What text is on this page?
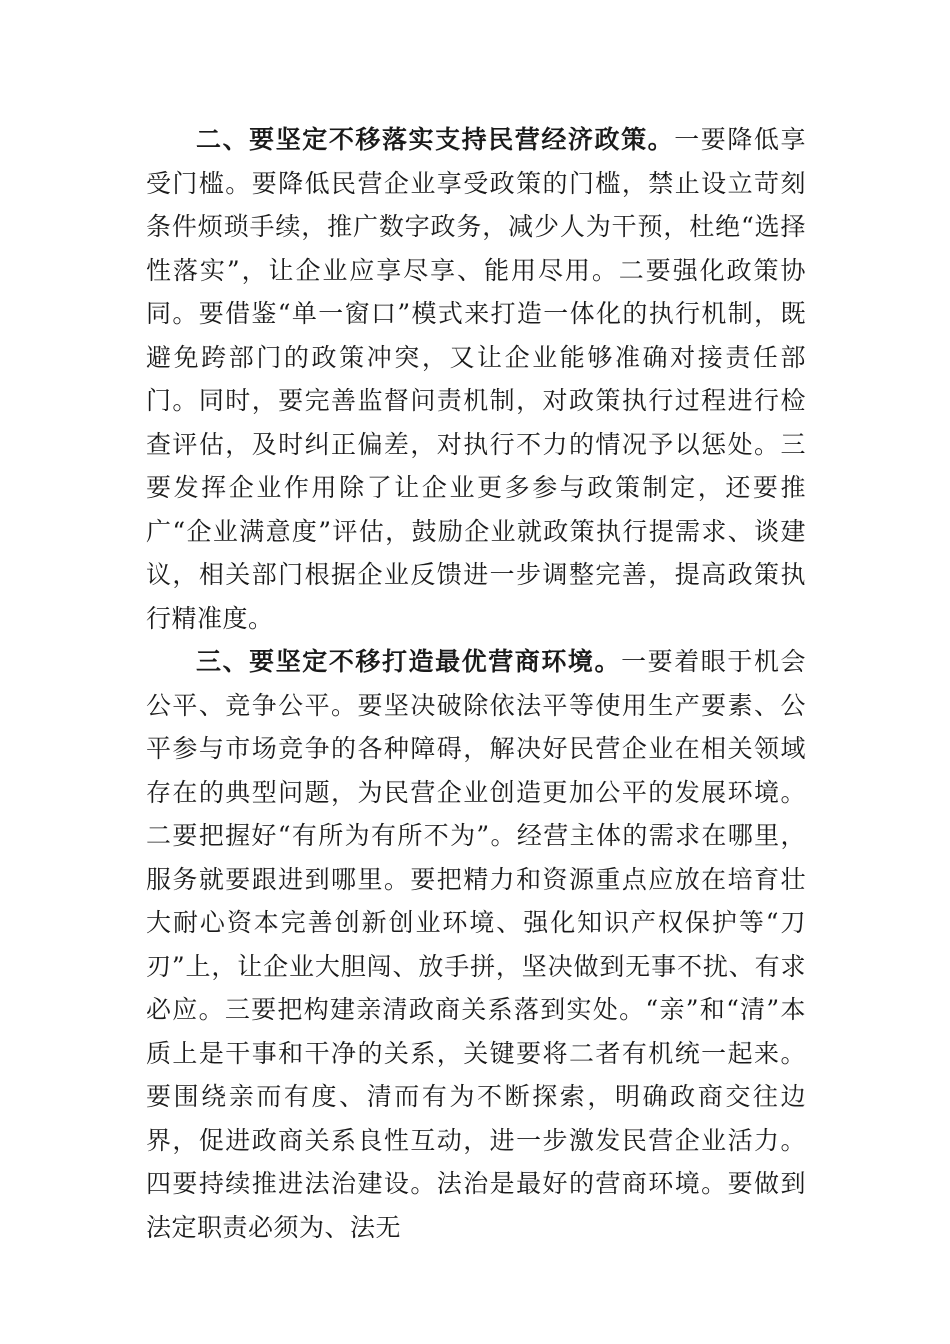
二、要坚定不移落实支持民营经济政策。一要降低享受门槛。要降低民营企业享受政策的门槛，禁止设立苛刻条件烦琐手续，推广数字政务，减少人为干预，杜绝“选择性落实”，让企业应享尽享、能用尽用。二要强化政策协同。要借鉴“单一窗口”模式来打造一体化的执行机制，既避免跨部门的政策冲突，又让企业能够准确对接责任部门。同时，要完善监督问责机制，对政策执行过程进行检查评估，及时纠正偏差，对执行不力的情况予以惩处。三要发挥企业作用除了让企业更多参与政策制定，还要推广“企业满意度”评估，鼓励企业就政策执行提需求、谈建议，相关部门根据企业反馈进一步调整完善，提高政策执行精准度。

三、要坚定不移打造最优营商环境。一要着眼于机会公平、竞争公平。要坚决破除依法平等使用生产要素、公平参与市场竞争的各种障碍，解决好民营企业在相关领域存在的典型问题，为民营企业创造更加公平的发展环境。二要把握好“有所为有所不为”。经营主体的需求在哪里，服务就要跟进到哪里。要把精力和资源重点应放在培育壮大耐心资本完善创新创业环境、强化知识产权保护等“刀刃”上，让企业大胆闯、放手拼，坚决做到无事不扰、有求必应。三要把构建亲清政商关系落到实处。“亲”和“清”本质上是干事和干净的关系，关键要将二者有机统一起来。要围绕亲而有度、清而有为不断探索，明确政商交往边界，促进政商关系良性互动，进一步激发民营企业活力。四要持续推进法治建设。法治是最好的营商环境。要做到法定职责必须为、法无
